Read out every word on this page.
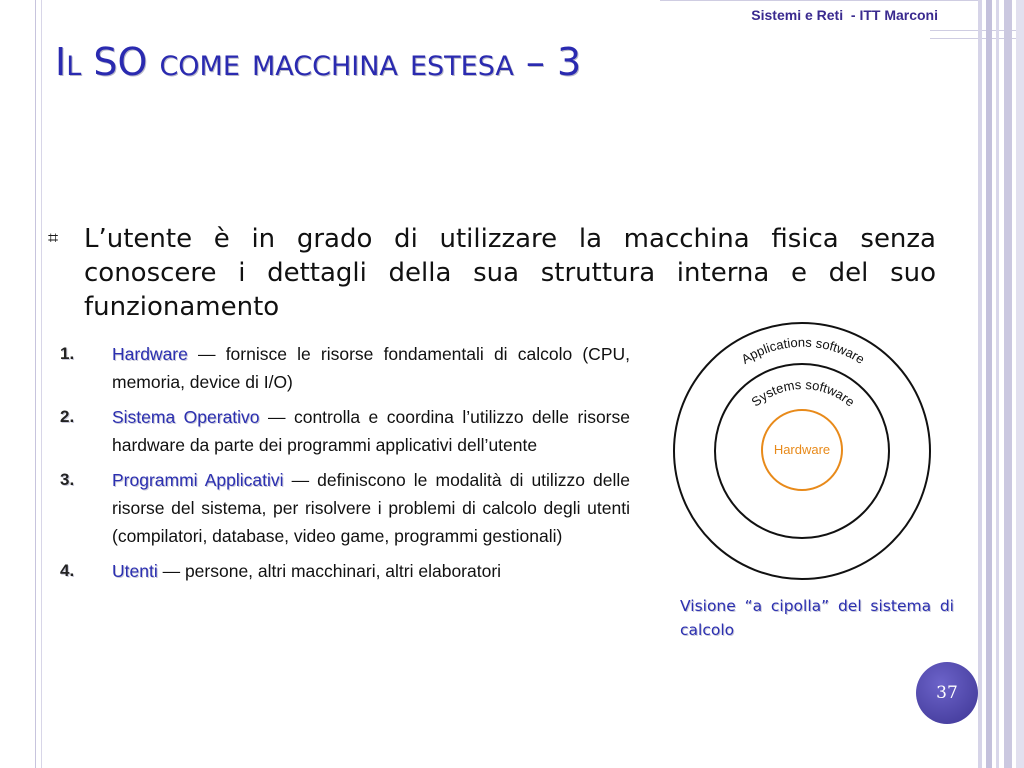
Sistemi e Reti  - ITT Marconi
Il SO come macchina estesa – 3
⌗ L’utente è in grado di utilizzare la macchina fisica senza conoscere i dettagli della sua struttura interna e del suo funzionamento
1.	Hardware — fornisce le risorse fondamentali di calcolo (CPU, memoria, device di I/O)
2.	Sistema Operativo — controlla e coordina l’utilizzo delle risorse hardware da parte dei programmi applicativi dell’utente
3.	Programmi Applicativi — definiscono le modalità di utilizzo delle risorse del sistema, per risolvere i problemi di calcolo degli utenti (compilatori, database, video game, programmi gestionali)
4.	Utenti — persone, altri macchinari, altri elaboratori
Applications software
Systems software
Hardware
Visione “a cipolla” del sistema di calcolo
37
